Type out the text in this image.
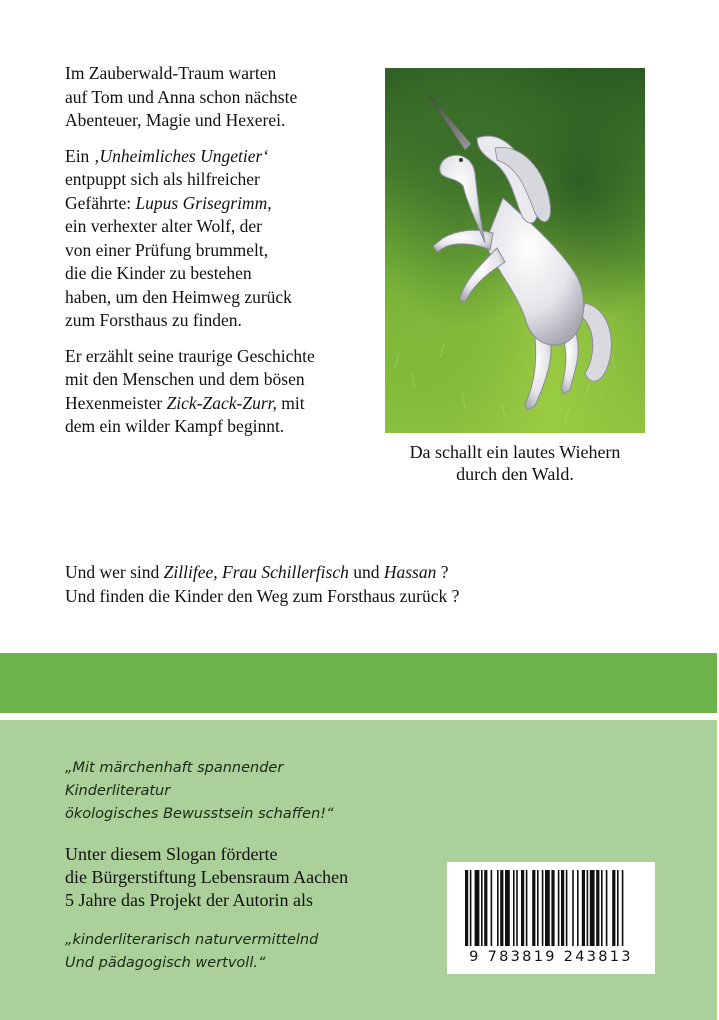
Im Zauberwald-Traum warten
auf Tom und Anna schon nächste
Abenteuer, Magie und Hexerei.

Ein ‚Unheimliches Ungetier‘
entpuppt sich als hilfreicher
Gefährte: Lupus Grisegrimm,
ein verhexter alter Wolf, der
von einer Prüfung brummelt,
die die Kinder zu bestehen
haben, um den Heimweg zurück
zum Forsthaus zu finden.

Er erzählt seine traurige Geschichte
mit den Menschen und dem bösen
Hexenmeister Zick-Zack-Zurr, mit
dem ein wilder Kampf beginnt.

Da schallt ein lautes Wiehern
durch den Wald.
Und wer sind Zillifee, Frau Schillerfisch und Hassan ?
Und finden die Kinder den Weg zum Forsthaus zurück ?
„Mit märchenhaft spannender
Kinderliteratur
ökologisches Bewusstsein schaffen!“
Unter diesem Slogan förderte
die Bürgerstiftung Lebensraum Aachen
5 Jahre das Projekt der Autorin als
„kinderliterarisch naturvermittelnd
Und pädagogisch wertvoll.“	9 783819 243813
